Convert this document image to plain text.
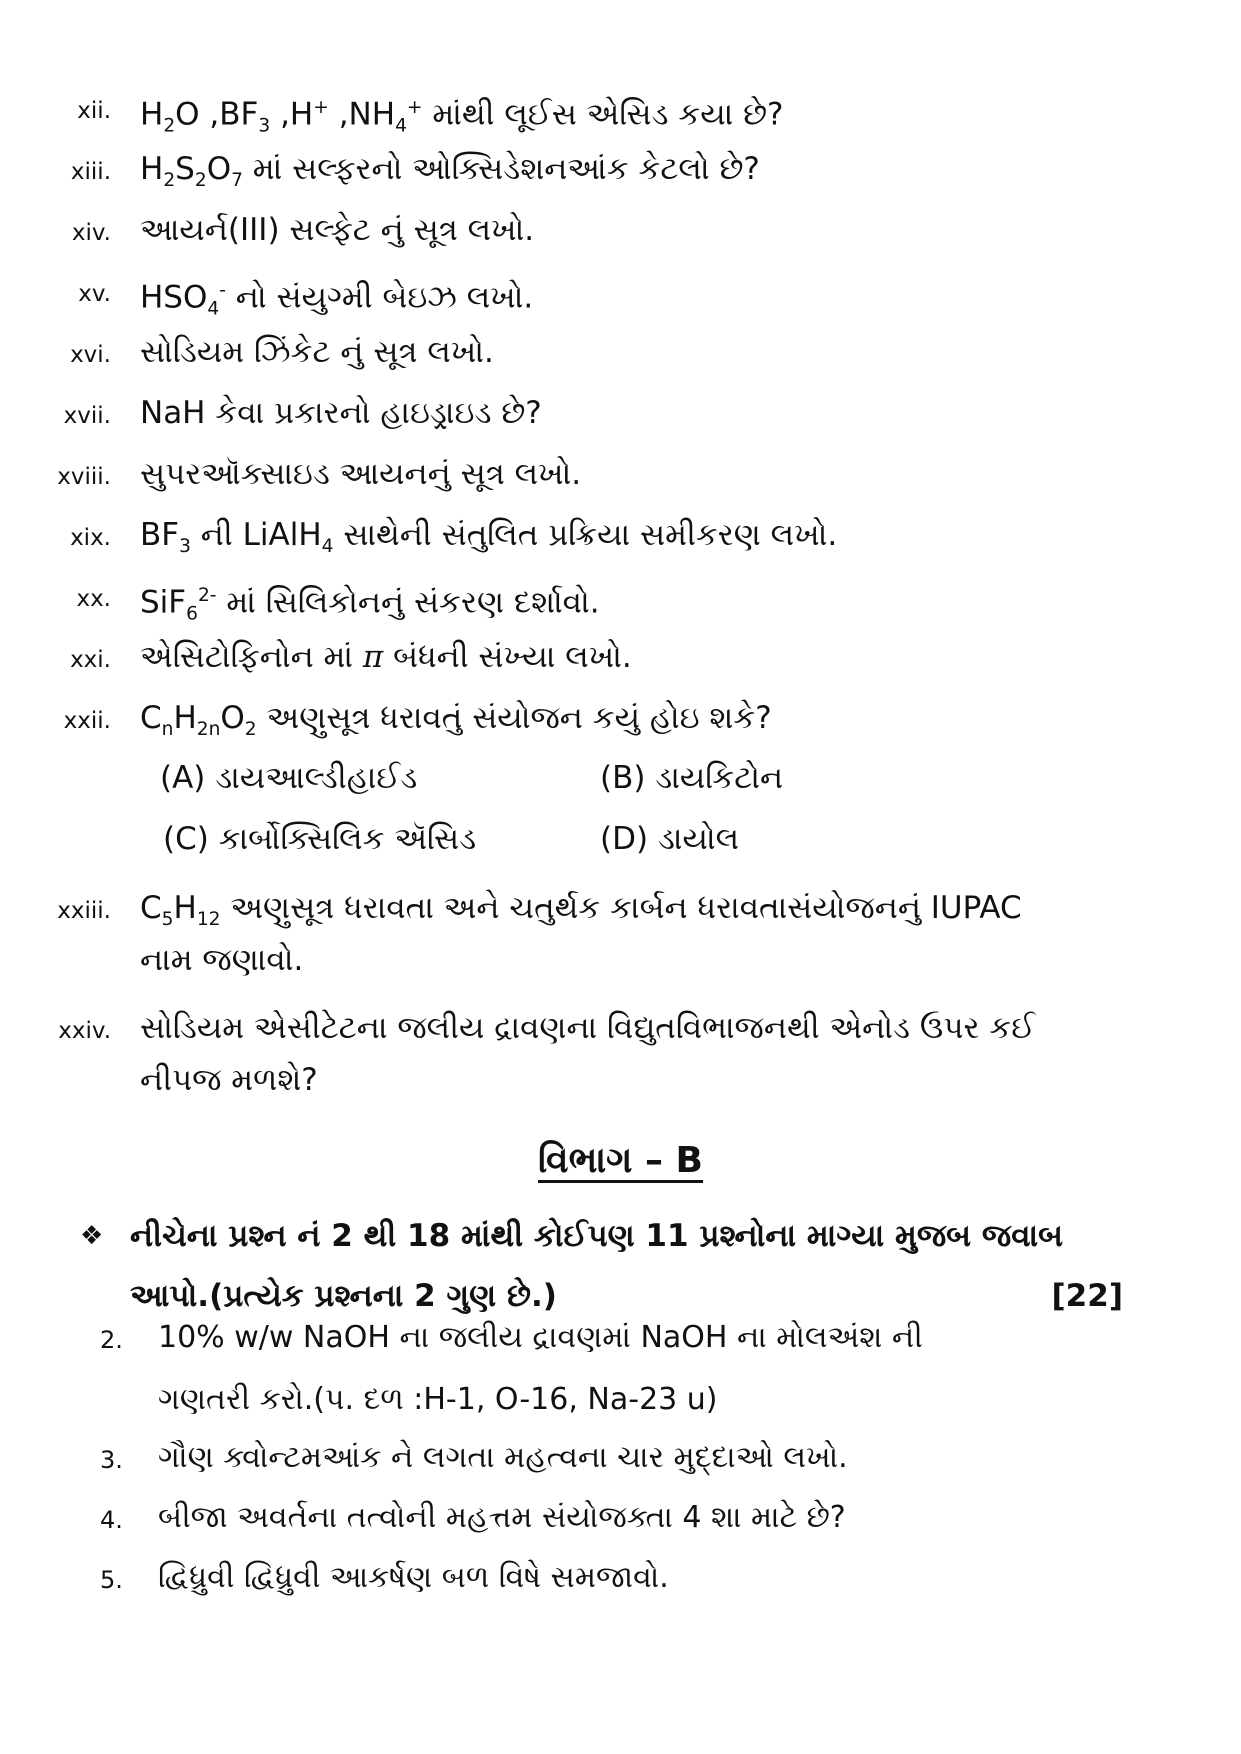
xii. $H_2O$ $,BF_3$ ,H+ $,NH_4^+$ માંથી લૂઈસ એસિડ કયા છે?
xiii. $H_2S_2O_7$ માં સલ્ફરનો ઓક્સિડેશનઆંક કેટલો છે?
xiv. આયર્ન(III) સલ્ફેટ નું સૂત્ર લખો.
xv. $HSO_4^-$ નો સંયુગ્મી બેઇઝ લખો.
xvi. સોડિયમ ઝિંકેટ નું સૂત્ર લખો.
xvii. NaH કેવા પ્રકારનો હાઇડ્રાઇડ છે?
xviii. સુપરઑક્સાઇડ આયનનું સૂત્ર લખો.
xix. $BF_3$ ની LiAlH$_4$ સાથેની સંતુલિત પ્રક્રિયા સમીકરણ લખો.
xx. SiF$_6^{2-}$ માં સિલિકોનનું સંકરણ દર્શાવો.
xxi. એસિટોફિનોન માં π બંધની સંખ્યા લખો.
xxii. $C_nH_{2n}O_2$ અણુસૂત્ર ધરાવતું સંયોજન કયું હોઇ શકે?
(A) ડાયઆલ્ડીહાઈડ	(B) ડાયકિટોન
(C) કાર્બોક્સિલિક ઍસિડ	(D) ડાયોલ
xxiii. $C_5H_{12}$ અણુસૂત્ર ધરાવતા અને ચતુર્થક કાર્બન ધરાવતાસંયોજનનું IUPAC
નામ જણાવો.
xxiv. સોડિયમ એસીટેટના જલીય દ્રાવણના વિદ્યુતવિભાજનથી એનોડ ઉપર કઈ
નીપજ મળશે?
વિભાગ – B
❖ નીચેના પ્રશ્ન નં 2 થી 18 માંથી કોઈપણ 11 પ્રશ્નોના માગ્યા મુજબ જવાબ
આપો.(પ્રત્યેક પ્રશ્નના 2 ગુણ છે.)	[22]
2. 10% w/w NaOH ના જલીય દ્રાવણમાં NaOH ના મોલઅંશ ની
ગણતરી કરો.(પ. દળ :H-1, O-16, Na-23 u)
3. ગૌણ ક્વોન્ટમઆંક ને લગતા મહત્વના ચાર મુદ્દાઓ લખો.
4. બીજા અવર્તના તત્વોની મહત્તમ સંયોજક્તા 4 શા માટે છે?
5. દ્વિધ્રુવી દ્વિધ્રુવી આકર્ષણ બળ વિષે સમજાવો.
